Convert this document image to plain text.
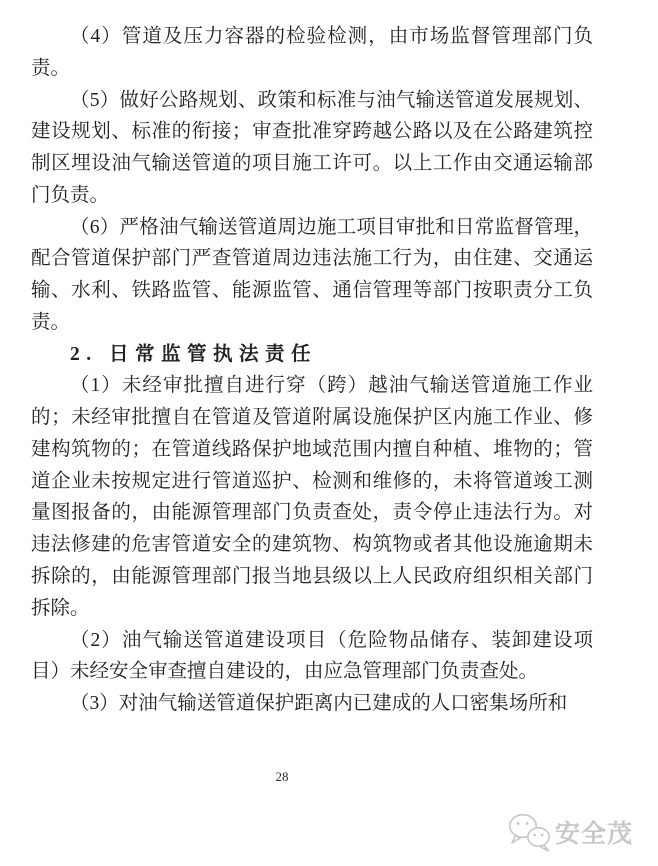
（4）管道及压力容器的检验检测，由市场监督管理部门负
责。
（5）做好公路规划、政策和标准与油气输送管道发展规划、
建设规划、标准的衔接；审查批准穿跨越公路以及在公路建筑控
制区埋设油气输送管道的项目施工许可。以上工作由交通运输部
门负责。
（6）严格油气输送管道周边施工项目审批和日常监督管理，
配合管道保护部门严查管道周边违法施工行为，由住建、交通运
输、水利、铁路监管、能源监管、通信管理等部门按职责分工负
责。
2. 日常监管执法责任
（1）未经审批擅自进行穿（跨）越油气输送管道施工作业
的；未经审批擅自在管道及管道附属设施保护区内施工作业、修
建构筑物的；在管道线路保护地域范围内擅自种植、堆物的；管
道企业未按规定进行管道巡护、检测和维修的，未将管道竣工测
量图报备的，由能源管理部门负责查处，责令停止违法行为。对
违法修建的危害管道安全的建筑物、构筑物或者其他设施逾期未
拆除的，由能源管理部门报当地县级以上人民政府组织相关部门
拆除。
（2）油气输送管道建设项目（危险物品储存、装卸建设项
目）未经安全审查擅自建设的，由应急管理部门负责查处。
（3）对油气输送管道保护距离内已建成的人口密集场所和
28
安全茂
